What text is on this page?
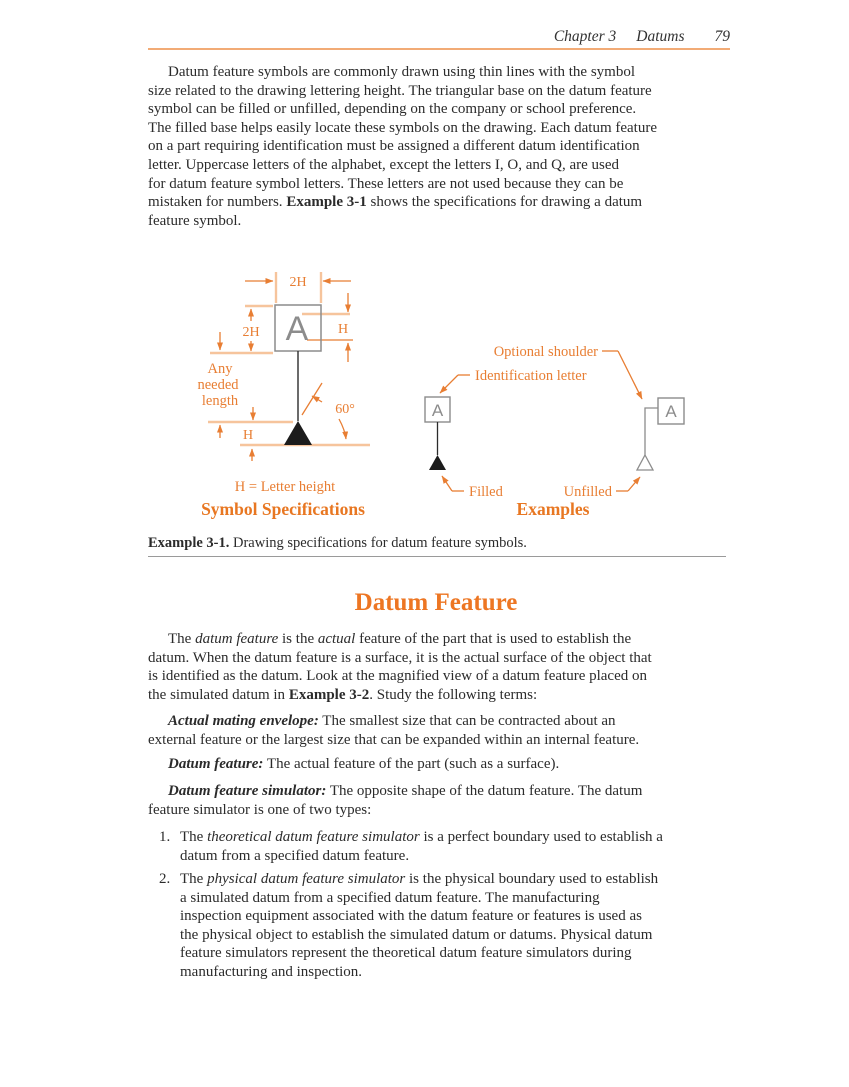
Chapter 3 Datums 79
Datum feature symbols are commonly drawn using thin lines with the symbol
size related to the drawing lettering height. The triangular base on the datum feature
symbol can be filled or unfilled, depending on the company or school preference.
The filled base helps easily locate these symbols on the drawing. Each datum feature
on a part requiring identification must be assigned a different datum identification
letter. Uppercase letters of the alphabet, except the letters I, O, and Q, are used
for datum feature symbol letters. These letters are not used because they can be
mistaken for numbers. Example 3-1 shows the specifications for drawing a datum
feature symbol.
A
2H
2H	H
Any
needed
length
60°
H
H = Letter height
Symbol Specifications
A	A
Optional shoulder
Identification letter
Filled	Unfilled
Examples
Example 3-1. Drawing specifications for datum feature symbols.
Datum Feature
The datum feature is the actual feature of the part that is used to establish the
datum. When the datum feature is a surface, it is the actual surface of the object that
is identified as the datum. Look at the magnified view of a datum feature placed on
the simulated datum in Example 3-2. Study the following terms:
Actual mating envelope: The smallest size that can be contracted about an
external feature or the largest size that can be expanded within an internal feature.
Datum feature: The actual feature of the part (such as a surface).
Datum feature simulator: The opposite shape of the datum feature. The datum
feature simulator is one of two types:
1. The theoretical datum feature simulator is a perfect boundary used to establish a
datum from a specified datum feature.
2. The physical datum feature simulator is the physical boundary used to establish
a simulated datum from a specified datum feature. The manufacturing
inspection equipment associated with the datum feature or features is used as
the physical object to establish the simulated datum or datums. Physical datum
feature simulators represent the theoretical datum feature simulators during
manufacturing and inspection.
